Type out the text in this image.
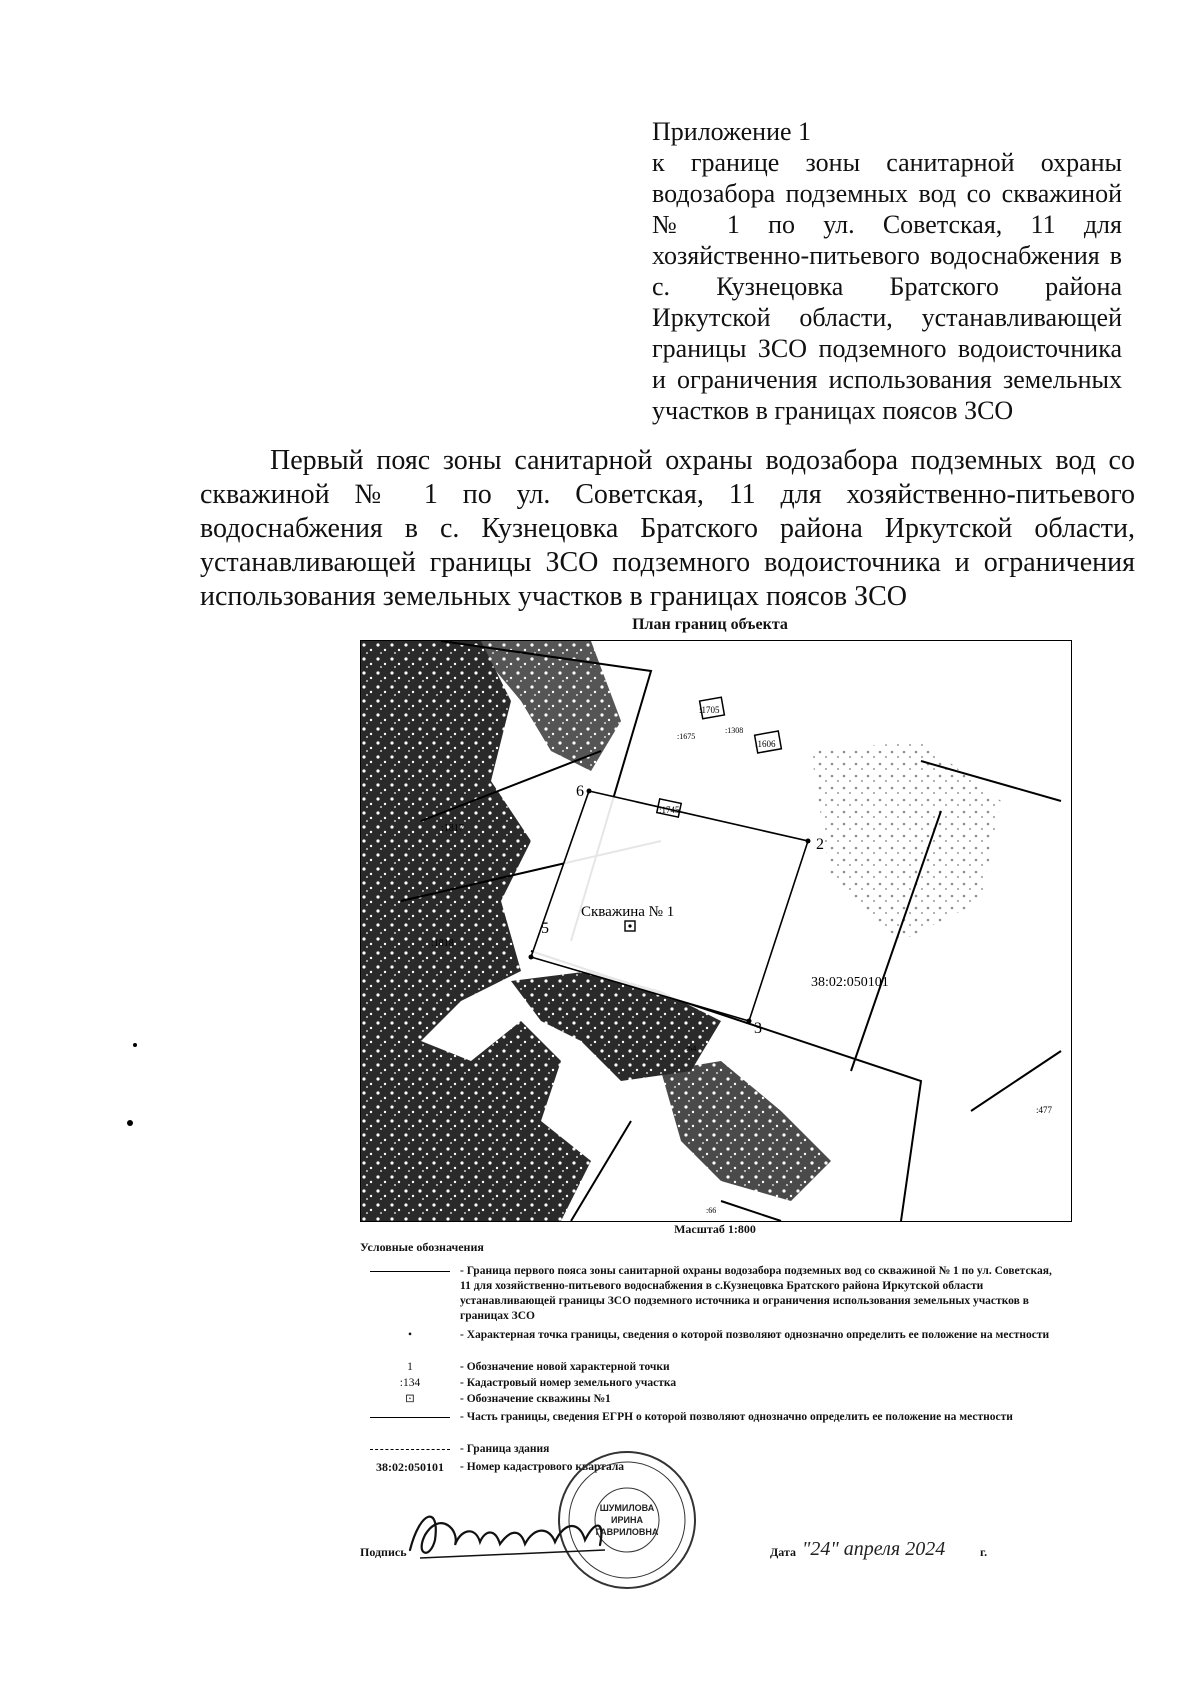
Приложение 1
к границе зоны санитарной охраны водозабора подземных вод со скважиной № 1 по ул. Советская, 11 для хозяйственно-питьевого водоснабжения в с. Кузнецовка Братского района Иркутской области, устанавливающей границы ЗСО подземного водоисточника и ограничения использования земельных участков в границах поясов ЗСО
Первый пояс зоны санитарной охраны водозабора подземных вод со скважиной № 1 по ул. Советская, 11 для хозяйственно-питьевого водоснабжения в с. Кузнецовка Братского района Иркутской области, устанавливающей границы ЗСО подземного водоисточника и ограничения использования земельных участков в границах поясов ЗСО
План границ объекта
Скважина № 1
38:02:050101
2
3
5
6
:1817
:1818
:1745
:1705
:1606
:1675
:1308
:477
:64
:66
Масштаб 1:800
Условные обозначения
- Граница первого пояса зоны санитарной охраны водозабора подземных вод со скважиной № 1 по ул. Советская, 11 для хозяйственно-питьевого водоснабжения в с.Кузнецовка Братского района Иркутской области устанавливающей границы ЗСО подземного источника и ограничения использования земельных участков в границах ЗСО
•	- Характерная точка границы, сведения о которой позволяют однозначно определить ее положение на местности
1	- Обозначение новой характерной точки
:134	- Кадастровый номер земельного участка
⊡	- Обозначение скважины №1
- Часть границы, сведения ЕГРН о которой позволяют однозначно определить ее положение на местности
- Граница здания
38:02:050101	- Номер кадастрового квартала
ШУМИЛОВА
ИРИНА
ГАВРИЛОВНА
Подпись	Дата "24" апреля 2024	г.
